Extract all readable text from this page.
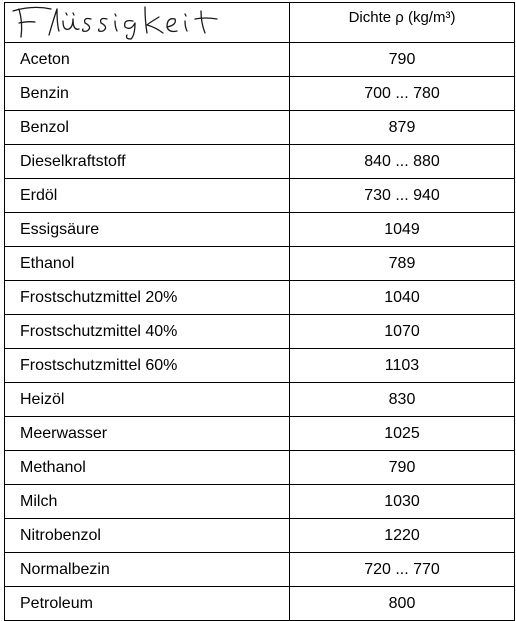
Flüssigkeit	Dichte ρ (kg/m³)
Aceton	790
Benzin	700 ... 780
Benzol	879
Dieselkraftstoff	840 ... 880
Erdöl	730 ... 940
Essigsäure	1049
Ethanol	789
Frostschutzmittel 20%	1040
Frostschutzmittel 40%	1070
Frostschutzmittel 60%	1103
Heizöl	830
Meerwasser	1025
Methanol	790
Milch	1030
Nitrobenzol	1220
Normalbezin	720 ... 770
Petroleum	800
